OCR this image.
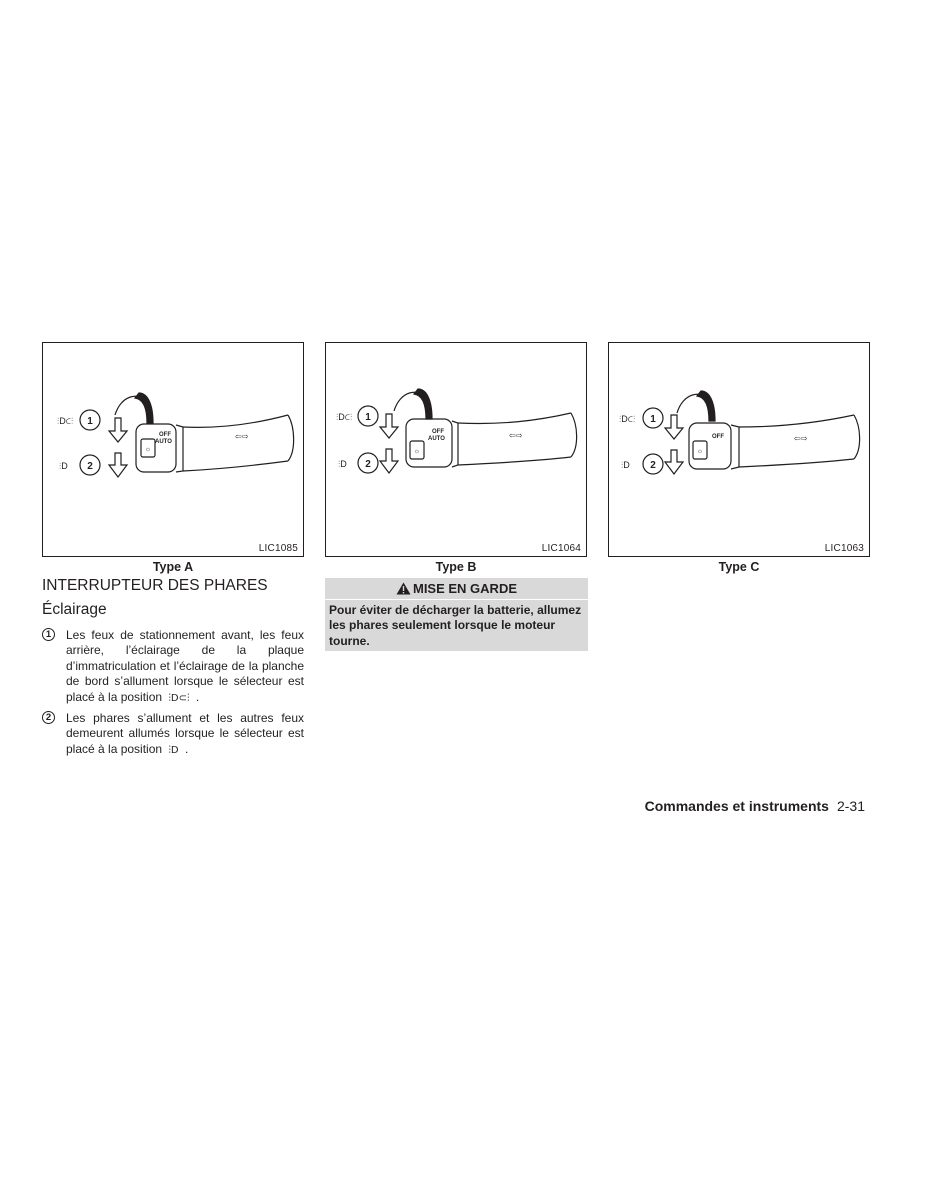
⫶D⊂⫶ 1
⫶D 2
☼
OFF
AUTO
⇦⇨
LIC1085
Type A
⫶D⊂⫶ 1
⫶D 2
☼
OFF
AUTO	⇦⇨
LIC1064
Type B
⫶D⊂⫶ 1
⫶D 2
☼
OFF	⇦⇨
LIC1063
Type C
INTERRUPTEUR DES PHARES
Éclairage
1	Les feux de stationnement avant, les feux arrière, l’éclairage de la plaque d’immatriculation et l’éclairage de la planche de bord s’allument lorsque le sélecteur est placé à la position ⫶D⊂⫶ .
2	Les phares s’allument et les autres feux demeurent allumés lorsque le sélecteur est placé à la position ⫶D .
MISE EN GARDE
Pour éviter de décharger la batterie, allumez les phares seulement lorsque le moteur tourne.
Commandes et instruments 2-31
